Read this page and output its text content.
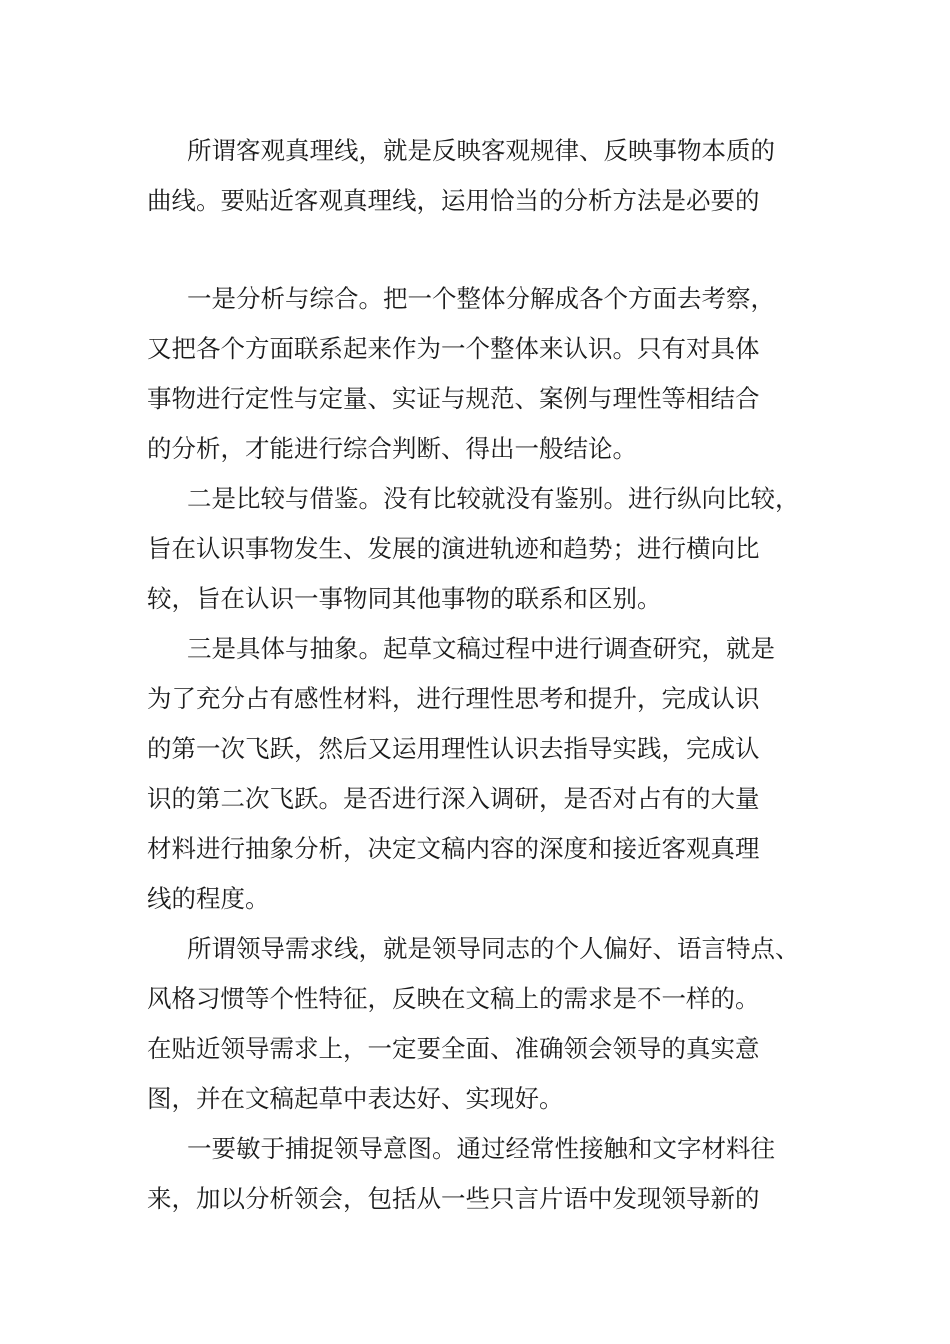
所谓客观真理线，就是反映客观规律、反映事物本质的
曲线。要贴近客观真理线，运用恰当的分析方法是必要的
一是分析与综合。把一个整体分解成各个方面去考察，
又把各个方面联系起来作为一个整体来认识。只有对具体
事物进行定性与定量、实证与规范、案例与理性等相结合
的分析，才能进行综合判断、得出一般结论。
二是比较与借鉴。没有比较就没有鉴别。进行纵向比较，
旨在认识事物发生、发展的演进轨迹和趋势；进行横向比
较，旨在认识一事物同其他事物的联系和区别。
三是具体与抽象。起草文稿过程中进行调查研究，就是
为了充分占有感性材料，进行理性思考和提升，完成认识
的第一次飞跃，然后又运用理性认识去指导实践，完成认
识的第二次飞跃。是否进行深入调研，是否对占有的大量
材料进行抽象分析，决定文稿内容的深度和接近客观真理
线的程度。
所谓领导需求线，就是领导同志的个人偏好、语言特点、
风格习惯等个性特征，反映在文稿上的需求是不一样的。
在贴近领导需求上，一定要全面、准确领会领导的真实意
图，并在文稿起草中表达好、实现好。
一要敏于捕捉领导意图。通过经常性接触和文字材料往
来，加以分析领会，包括从一些只言片语中发现领导新的
